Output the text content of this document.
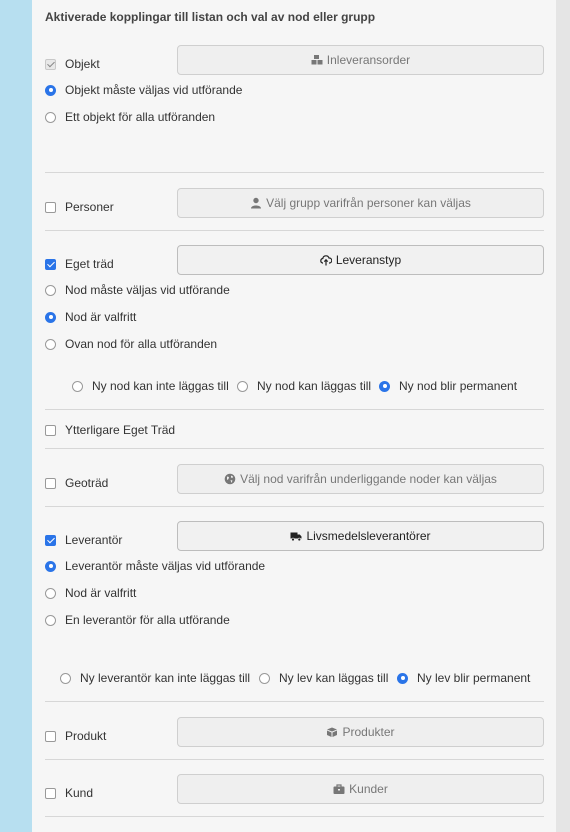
Aktiverade kopplingar till listan och val av nod eller grupp
Objekt	Inleveransorder
Objekt måste väljas vid utförande
Ett objekt för alla utföranden
Personer	Välj grupp varifrån personer kan väljas
Eget träd	Leveranstyp
Nod måste väljas vid utförande
Nod är valfritt
Ovan nod för alla utföranden
Ny nod kan inte läggas till Ny nod kan läggas till Ny nod blir permanent
Ytterligare Eget Träd
Geoträd	Välj nod varifrån underliggande noder kan väljas
Leverantör	Livsmedelsleverantörer
Leverantör måste väljas vid utförande
Nod är valfritt
En leverantör för alla utförande
Ny leverantör kan inte läggas till Ny lev kan läggas till Ny lev blir permanent
Produkt	Produkter
Kund	Kunder
